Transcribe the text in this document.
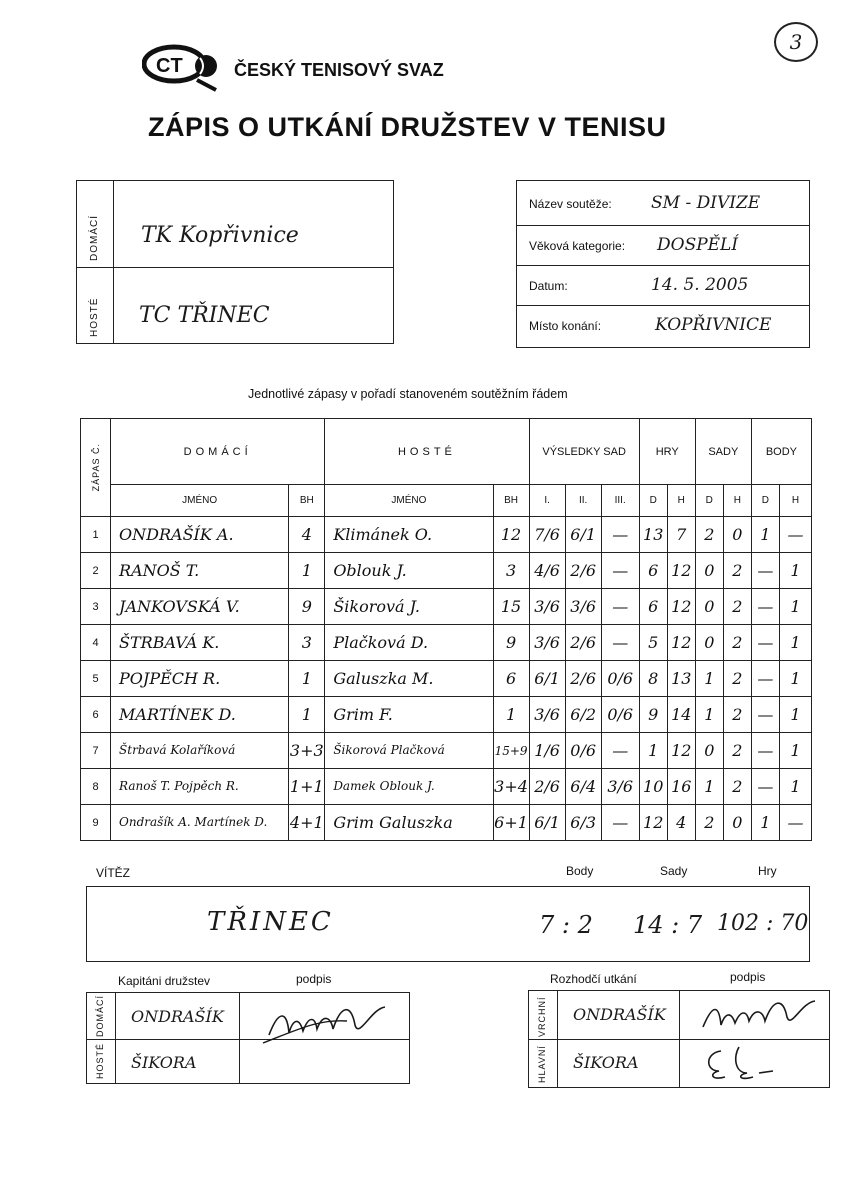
3
CT	ČESKÝ TENISOVÝ SVAZ
ZÁPIS O UTKÁNÍ DRUŽSTEV V TENISU
DOMÁCÍ
HOSTÉ
TK Kopřivnice
TC TŘINEC
Název soutěže: SM - DIVIZE
Věková kategorie: DOSPĚLÍ
Datum:	14. 5. 2005
Místo konání:	KOPŘIVNICE
Jednotlivé zápasy v pořadí stanoveném soutěžním řádem
ZÁPAS Č.	DOMÁCÍ		HOSTÉ		VÝSLEDKY SAD			HRY		SADY		BODY	
	JMÉNO	BH	JMÉNO	BH	I.	II.	III.	D	H	D	H	D	H
1	ONDRAŠÍK A.	4	Klimánek O.	12	7/6	6/1	—	13	7	2	0	1	—
2	RANOŠ T.	1	Oblouk J.	3	4/6	2/6	—	6	12	0	2	—	1
3	JANKOVSKÁ V.	9	Šikorová J.	15	3/6	3/6	—	6	12	0	2	—	1
4	ŠTRBAVÁ K.	3	Plačková D.	9	3/6	2/6	—	5	12	0	2	—	1
5	POJPĚCH R.	1	Galuszka M.	6	6/1	2/6	0/6	8	13	1	2	—	1
6	MARTÍNEK D.	1	Grim F.	1	3/6	6/2	0/6	9	14	1	2	—	1
7	Štrbavá Kolaříková	3+3	Šikorová Plačková	15+9	1/6	0/6	—	1	12	0	2	—	1
8	Ranoš T. Pojpěch R.	1+1	Damek Oblouk J.	3+4	2/6	6/4	3/6	10	16	1	2	—	1
9	Ondrašík A. Martínek D.	4+1	Grim Galuszka	6+1	6/1	6/3	—	12	4	2	0	1	—
VÍTĚZ	Body	Sady	Hry
TŘINEC	7 : 2 14 : 7 102 : 70
Kapitáni družstev	podpis
DOMÁCÍ
HOSTÉ
ONDRAŠÍK
ŠIKORA
Rozhodčí utkání	podpis
VRCHNÍ
HLAVNÍ
ONDRAŠÍK
ŠIKORA
